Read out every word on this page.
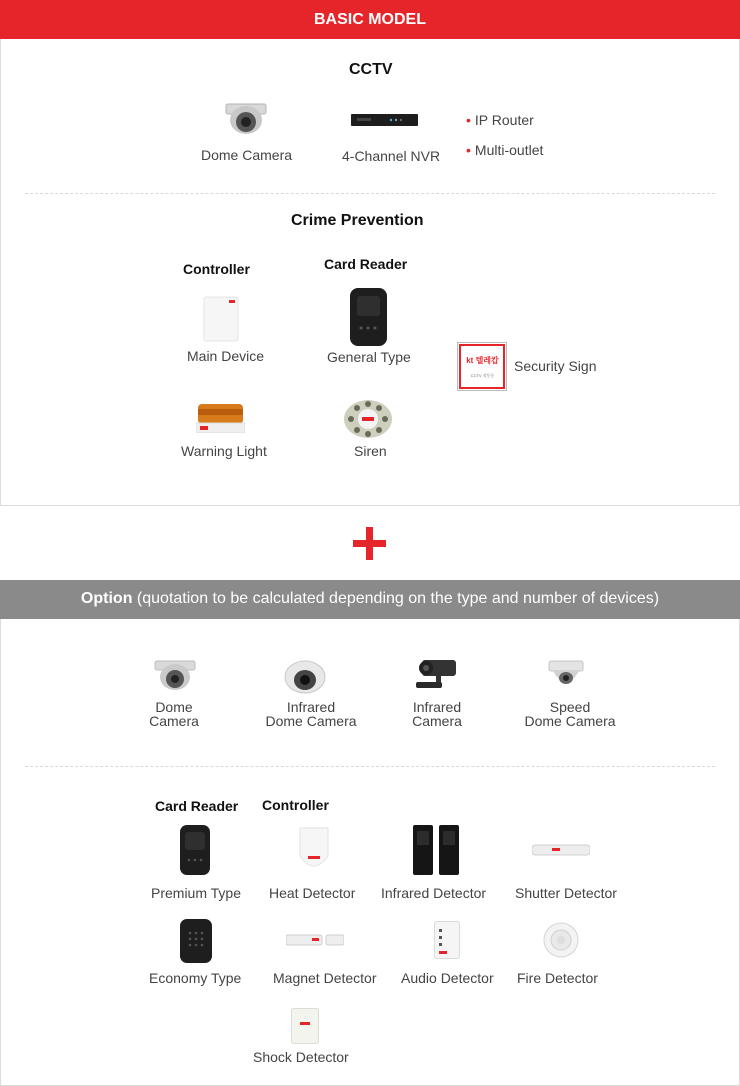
BASIC MODEL
CCTV
Dome Camera	4-Channel NVR
• IP Router
• Multi-outlet
Crime Prevention
Controller	Card Reader
Main Device	General Type	kt 텔레캅
CCTV 작동중
Security Sign
Warning Light	Siren
Option (quotation to be calculated depending on the type and number of devices)
Dome
Camera
Infrared
Dome Camera
Infrared
Camera
Speed
Dome Camera
Card Reader Controller
Premium Type Heat Detector Infrared Detector Shutter Detector
Economy Type Magnet Detector Audio Detector Fire Detector
Shock Detector
